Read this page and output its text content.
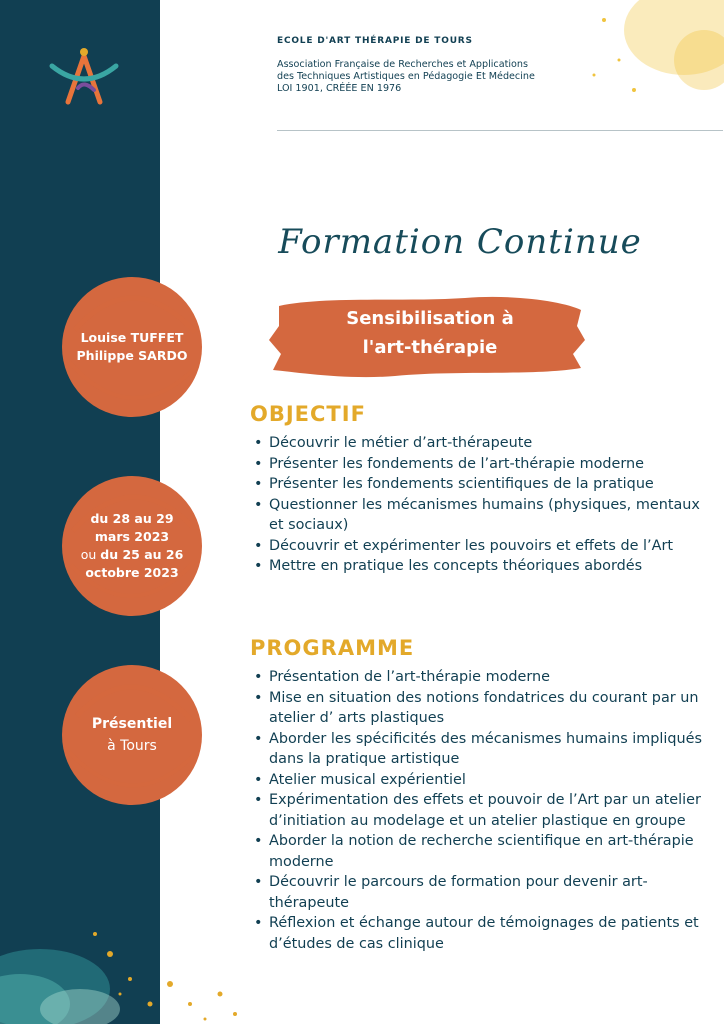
ECOLE D'ART THÉRAPIE DE TOURS
Association Française de Recherches et Applications
des Techniques Artistiques en Pédagogie Et Médecine
LOI 1901, CRÉÉE EN 1976
Formation Continue
Sensibilisation à
l'art-thérapie
Louise TUFFET
Philippe SARDO
du 28 au 29
mars 2023
ou du 25 au 26
octobre 2023
Présentiel
à Tours
OBJECTIF
• Découvrir le métier d’art-thérapeute
• Présenter les fondements de l’art-thérapie moderne
• Présenter les fondements scientifiques de la pratique
• Questionner les mécanismes humains (physiques, mentaux et sociaux)
• Découvrir et expérimenter les pouvoirs et effets de l’Art
• Mettre en pratique les concepts théoriques abordés
PROGRAMME
• Présentation de l’art-thérapie moderne
• Mise en situation des notions fondatrices du courant par un atelier d’ arts plastiques
• Aborder les spécificités des mécanismes humains impliqués dans la pratique artistique
• Atelier musical expérientiel
• Expérimentation des effets et pouvoir de l’Art par un atelier d’initiation au modelage et un atelier plastique en groupe
• Aborder la notion de recherche scientifique en art-thérapie moderne
• Découvrir le parcours de formation pour devenir art-thérapeute
• Réflexion et échange autour de témoignages de patients et d’études de cas clinique
